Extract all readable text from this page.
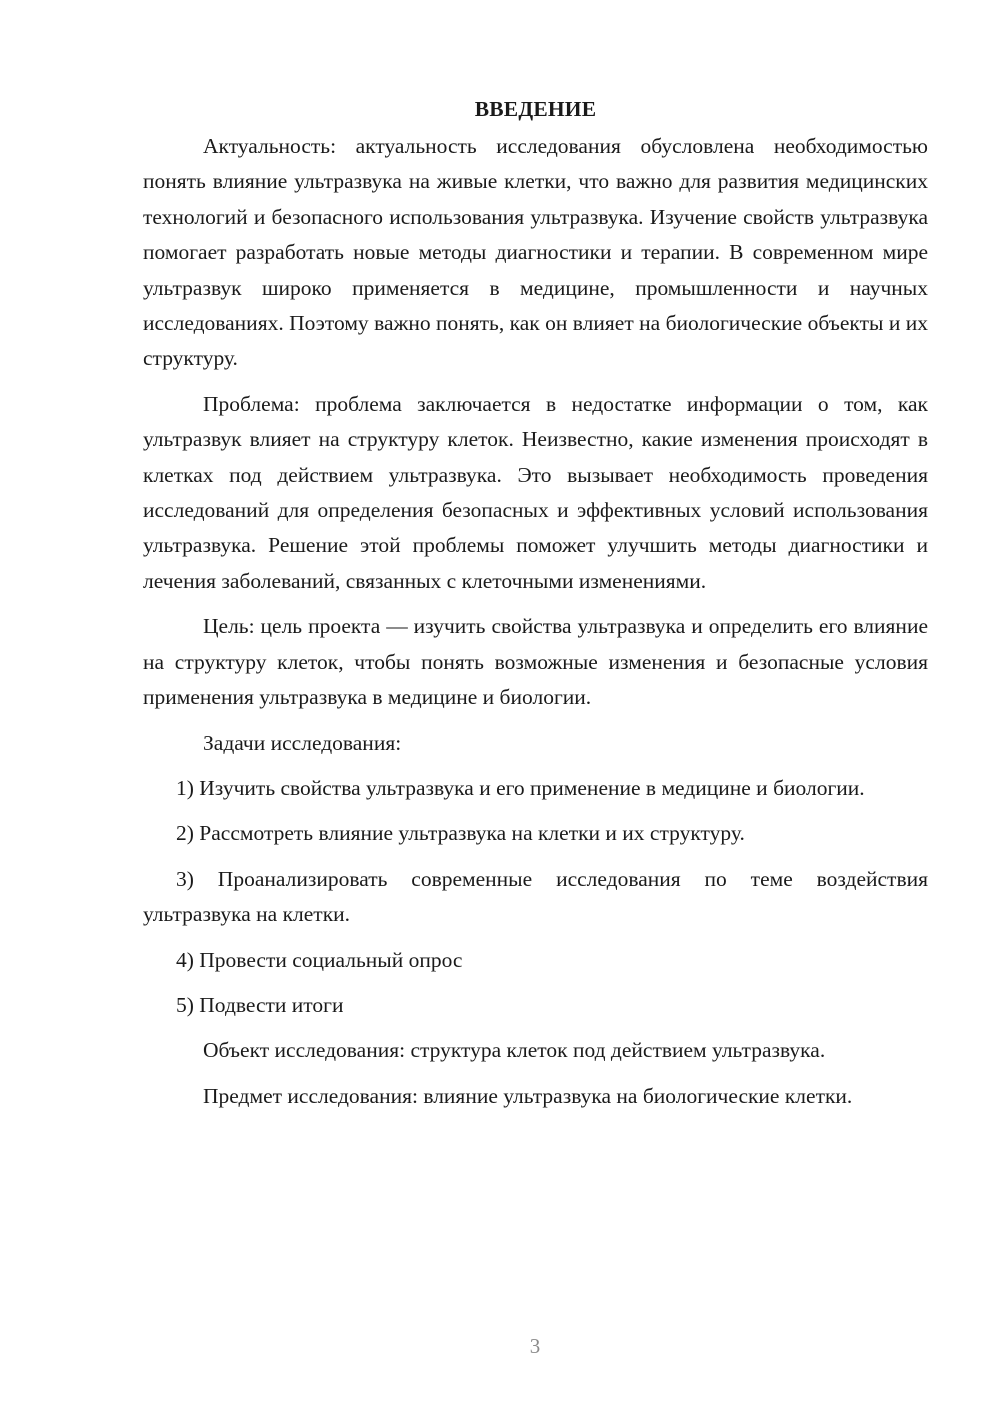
ВВЕДЕНИЕ

Актуальность: актуальность исследования обусловлена необходимостью понять влияние ультразвука на живые клетки, что важно для развития медицинских технологий и безопасного использования ультразвука. Изучение свойств ультразвука помогает разработать новые методы диагностики и терапии. В современном мире ультразвук широко применяется в медицине, промышленности и научных исследованиях. Поэтому важно понять, как он влияет на биологические объекты и их структуру.

Проблема: проблема заключается в недостатке информации о том, как ультразвук влияет на структуру клеток. Неизвестно, какие изменения происходят в клетках под действием ультразвука. Это вызывает необходимость проведения исследований для определения безопасных и эффективных условий использования ультразвука. Решение этой проблемы поможет улучшить методы диагностики и лечения заболеваний, связанных с клеточными изменениями.

Цель: цель проекта — изучить свойства ультразвука и определить его влияние на структуру клеток, чтобы понять возможные изменения и безопасные условия применения ультразвука в медицине и биологии.

Задачи исследования:

1) Изучить свойства ультразвука и его применение в медицине и биологии.

2) Рассмотреть влияние ультразвука на клетки и их структуру.

3) Проанализировать современные исследования по теме воздействия ультразвука на клетки.

4) Провести социальный опрос

5) Подвести итоги

Объект исследования: структура клеток под действием ультразвука.

Предмет исследования: влияние ультразвука на биологические клетки.

3
